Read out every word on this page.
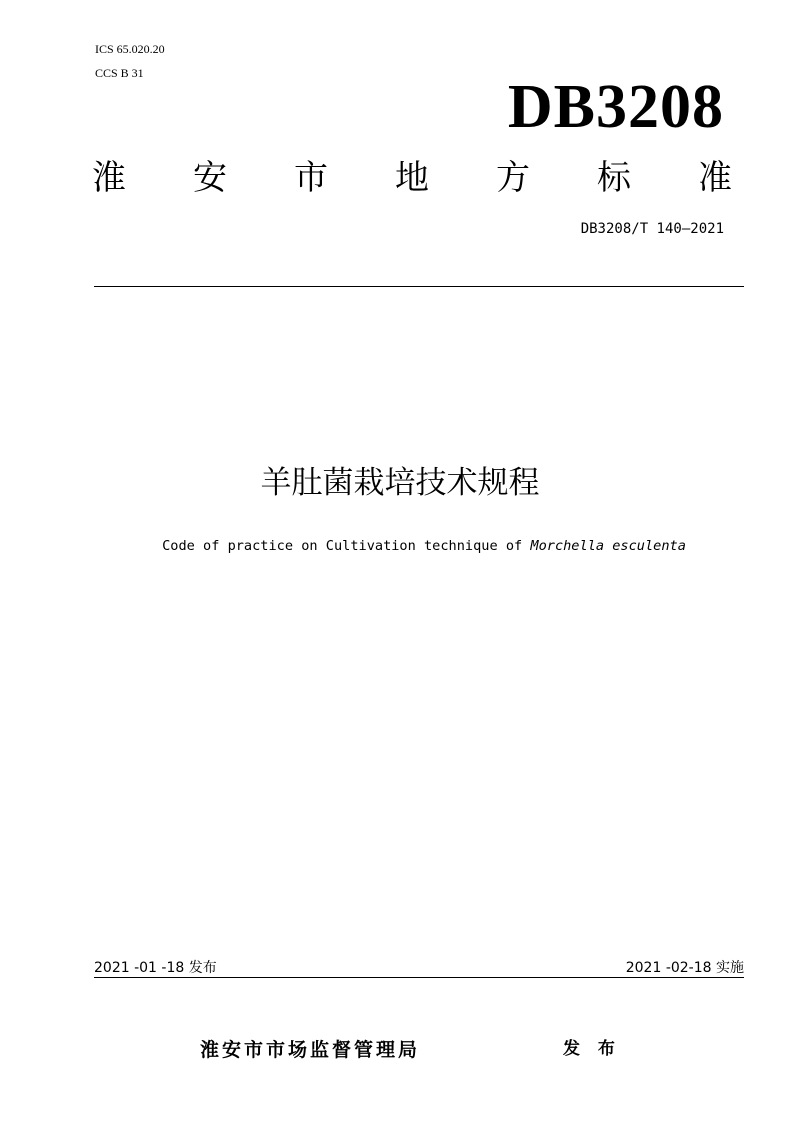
ICS 65.020.20
CCS B 31	DB3208
淮 安 市 地 方 标 准
DB3208/T 140—2021
羊肚菌栽培技术规程
Code of practice on Cultivation technique of Morchella esculenta
2021 -01 -18 发布	2021 -02-18 实施
淮安市市场监督管理局	发 布
